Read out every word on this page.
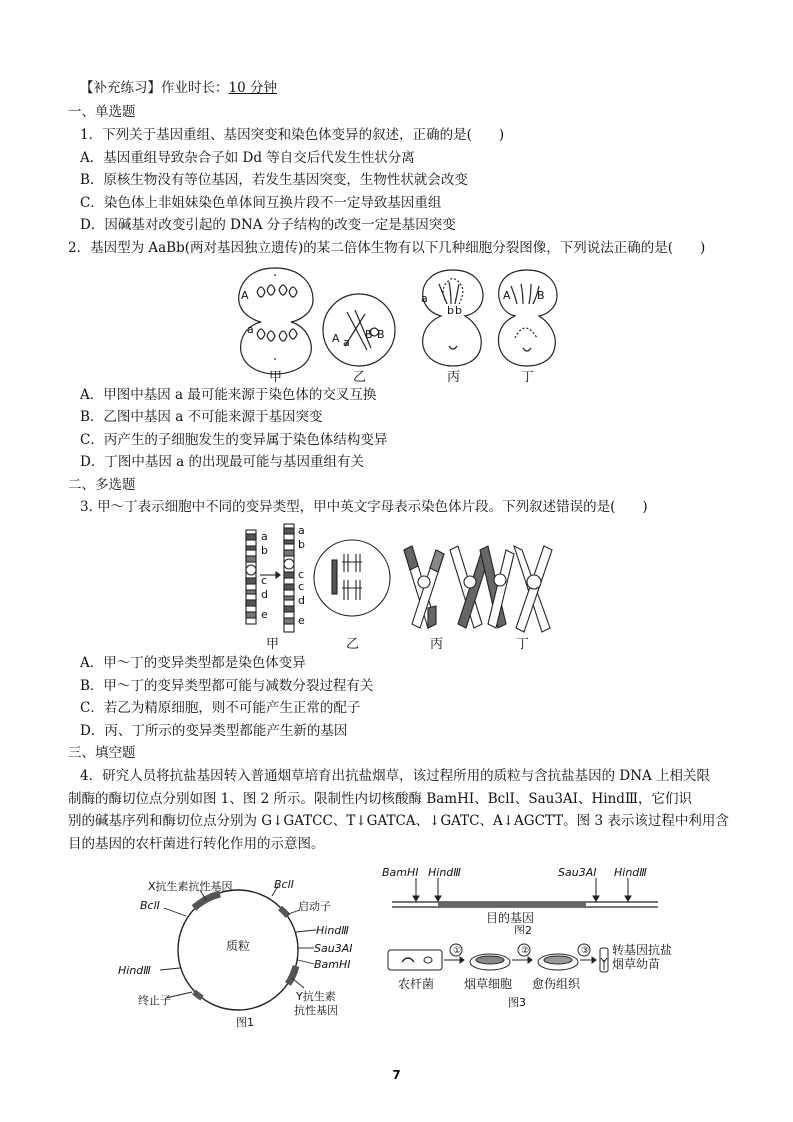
【补充练习】作业时长：10 分钟
一、单选题
1．下列关于基因重组、基因突变和染色体变异的叙述，正确的是(　　)
A．基因重组导致杂合子如 Dd 等自交后代发生性状分离
B．原核生物没有等位基因，若发生基因突变，生物性状就会改变
C．染色体上非姐妹染色单体间互换片段不一定导致基因重组
D．因碱基对改变引起的 DNA 分子结构的改变一定是基因突变
2．基因型为 AaBb(两对基因独立遗传)的某二倍体生物有以下几种细胞分裂图像，下列说法正确的是(　　)
A
a
A a
B B
a
b b
A B
甲	乙	丙	丁
A．甲图中基因 a 最可能来源于染色体的交叉互换
B．乙图中基因 a 不可能来源于基因突变
C．丙产生的子细胞发生的变异属于染色体结构变异
D．丁图中基因 a 的出现最可能与基因重组有关
二、多选题
3. 甲～丁表示细胞中不同的变异类型，甲中英文字母表示染色体片段。下列叙述错误的是(　　)
a
b
c
d
e
a
b
c
c
d
e
甲	乙	丙	丁
A．甲～丁的变异类型都是染色体变异
B．甲～丁的变异类型都可能与减数分裂过程有关
C．若乙为精原细胞，则不可能产生正常的配子
D．丙、丁所示的变异类型都能产生新的基因
三、填空题
4．研究人员将抗盐基因转入普通烟草培育出抗盐烟草，该过程所用的质粒与含抗盐基因的 DNA 上相关限
制酶的酶切位点分别如图 1、图 2 所示。限制性内切核酸酶 BamHⅠ、BclⅠ、Sau3AⅠ、HindⅢ，它们识
别的碱基序列和酶切位点分别为 G↓GATCC、T↓GATCA、↓GATC、A↓AGCTT。图 3 表示该过程中利用含
目的基因的农杆菌进行转化作用的示意图。
X抗生素抗性基因
BclⅠ
BclⅠ
启动子
HindⅢ
质粒	Sau3AⅠ
BamHⅠ
HindⅢ
终止子	Y抗生素
抗性基因
图1
BamHⅠ HindⅢ	Sau3AⅠ HindⅢ
目的基因
图2
①	②	③
农杆菌 烟草细胞 愈伤组织
转基因抗盐
烟草幼苗
图3
7
